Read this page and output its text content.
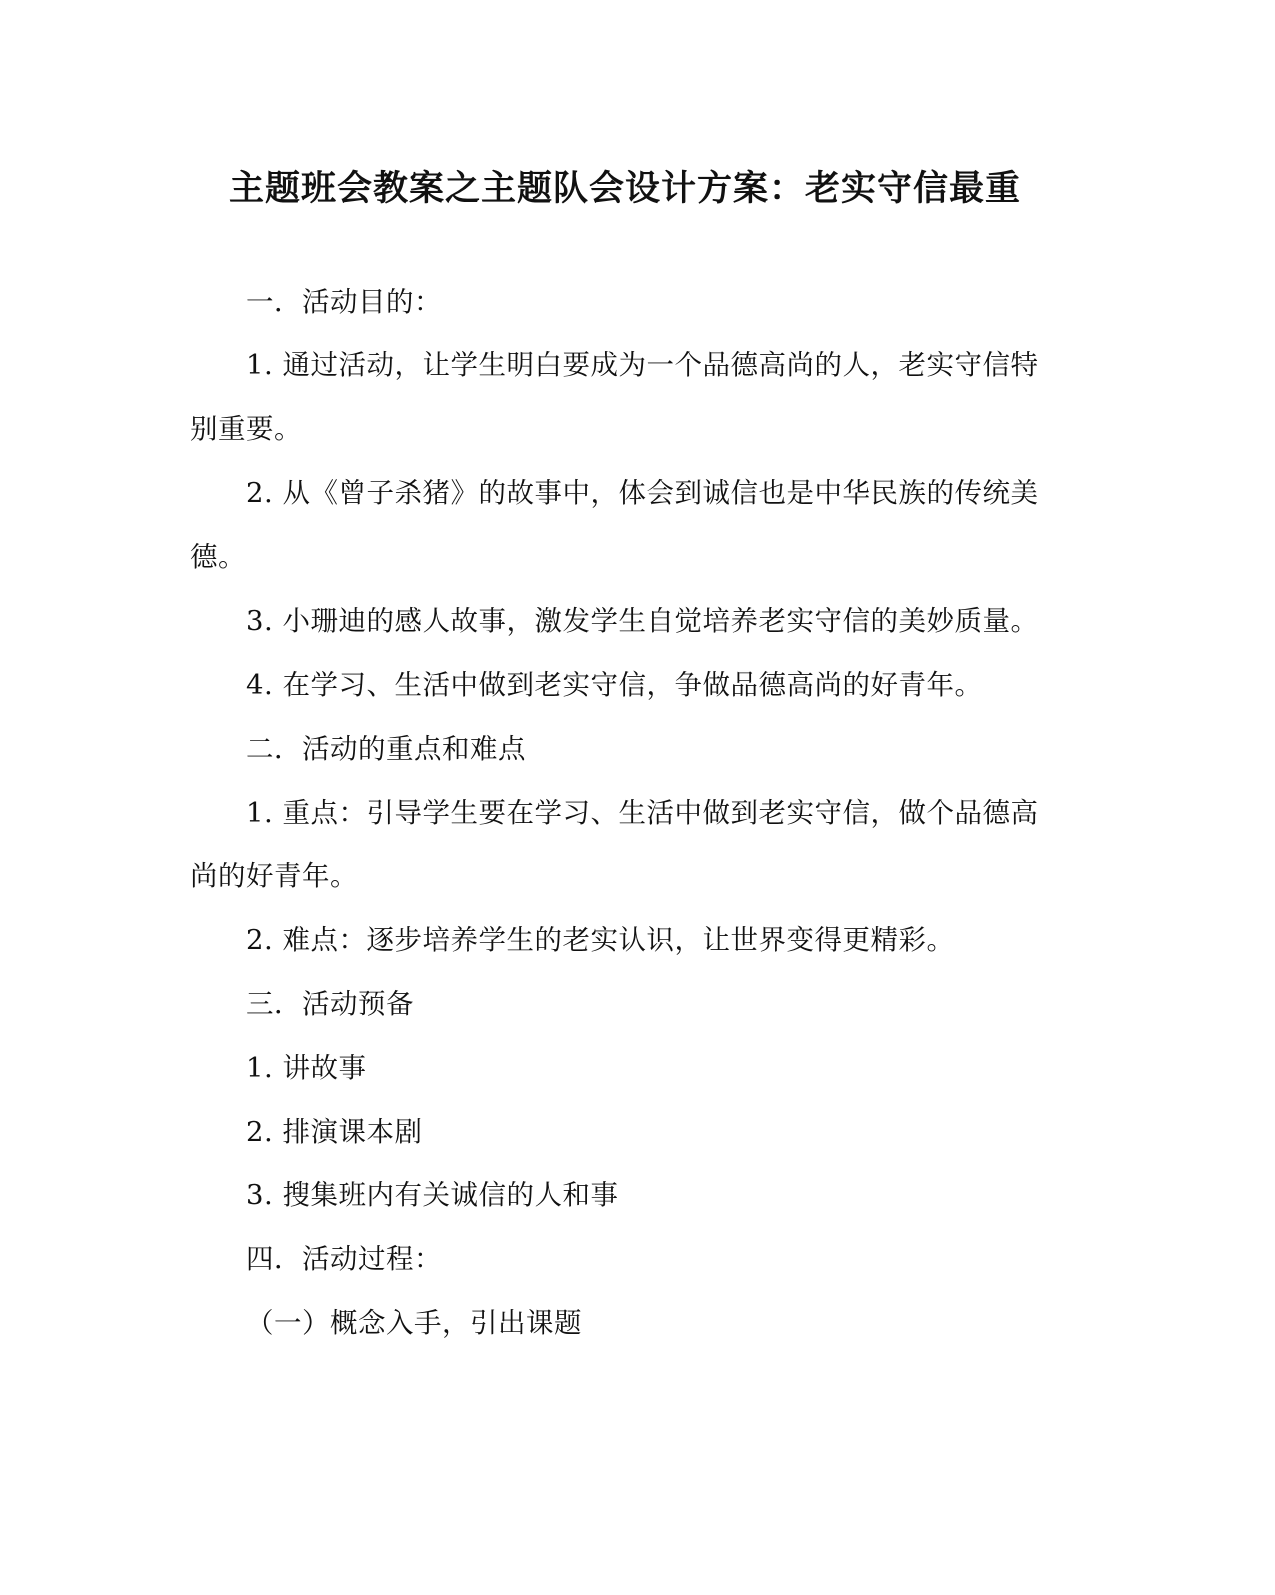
主题班会教案之主题队会设计方案：老实守信最重
一．活动目的：
1. 通过活动，让学生明白要成为一个品德高尚的人，老实守信特
别重要。
2. 从《曾子杀猪》的故事中，体会到诚信也是中华民族的传统美
德。
3. 小珊迪的感人故事，激发学生自觉培养老实守信的美妙质量。
4. 在学习、生活中做到老实守信，争做品德高尚的好青年。
二．活动的重点和难点
1. 重点：引导学生要在学习、生活中做到老实守信，做个品德高
尚的好青年。
2. 难点：逐步培养学生的老实认识，让世界变得更精彩。
三．活动预备
1. 讲故事
2. 排演课本剧
3. 搜集班内有关诚信的人和事
四．活动过程：
（一）概念入手，引出课题
